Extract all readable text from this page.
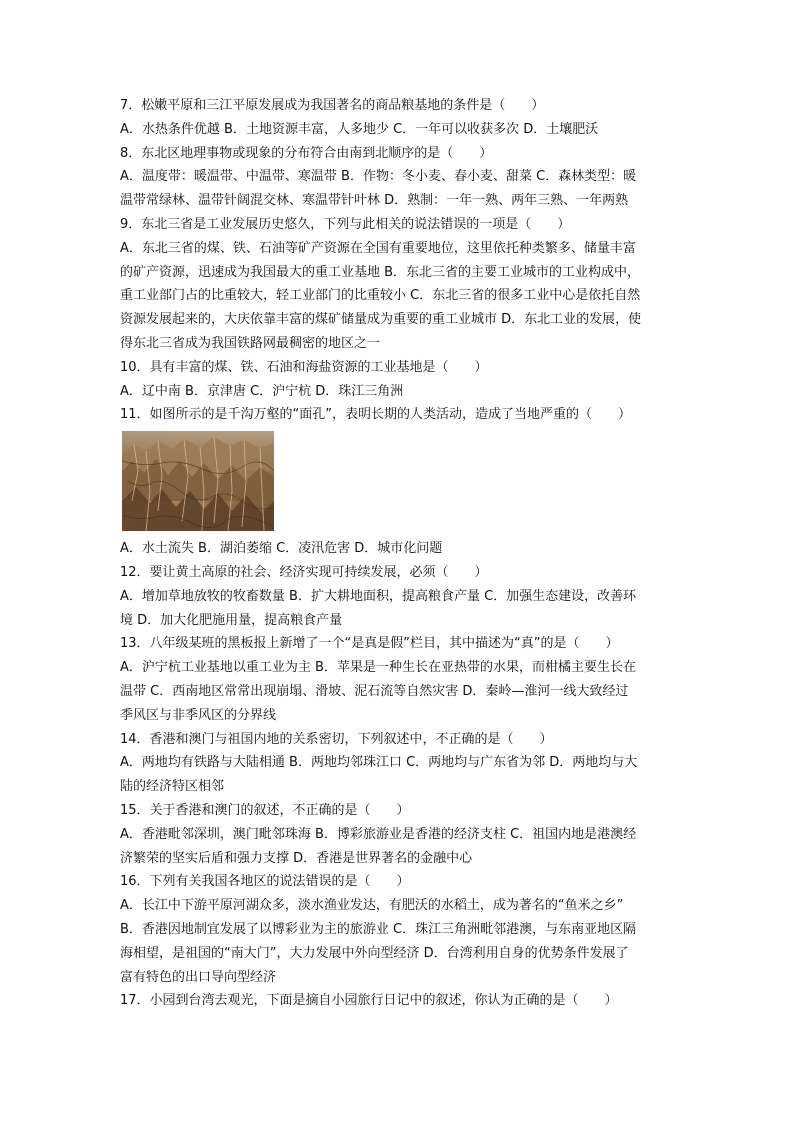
7．松嫩平原和三江平原发展成为我国著名的商品粮基地的条件是（　　）
A．水热条件优越 B．土地资源丰富，人多地少 C．一年可以收获多次 D．土壤肥沃
8．东北区地理事物或现象的分布符合由南到北顺序的是（　　）
A．温度带：暖温带、中温带、寒温带 B．作物：冬小麦、春小麦、甜菜 C．森林类型：暖
温带常绿林、温带针阔混交林、寒温带针叶林 D．熟制：一年一熟、两年三熟、一年两熟
9．东北三省是工业发展历史悠久，下列与此相关的说法错误的一项是（　　）
A．东北三省的煤、铁、石油等矿产资源在全国有重要地位，这里依托种类繁多、储量丰富
的矿产资源，迅速成为我国最大的重工业基地 B．东北三省的主要工业城市的工业构成中，
重工业部门占的比重较大，轻工业部门的比重较小 C．东北三省的很多工业中心是依托自然
资源发展起来的，大庆依靠丰富的煤矿储量成为重要的重工业城市 D．东北工业的发展，使
得东北三省成为我国铁路网最稠密的地区之一
10．具有丰富的煤、铁、石油和海盐资源的工业基地是（　　）
A．辽中南 B．京津唐 C．沪宁杭 D．珠江三角洲
11．如图所示的是千沟万壑的“面孔”，表明长期的人类活动，造成了当地严重的（　　）
A．水土流失 B．湖泊萎缩 C．凌汛危害 D．城市化问题
12．要让黄土高原的社会、经济实现可持续发展，必须（　　）
A．增加草地放牧的牧畜数量 B．扩大耕地面积，提高粮食产量 C．加强生态建设，改善环
境 D．加大化肥施用量，提高粮食产量
13．八年级某班的黑板报上新增了一个“是真是假”栏目，其中描述为“真”的是（　　）
A．沪宁杭工业基地以重工业为主 B．苹果是一种生长在亚热带的水果，而柑橘主要生长在
温带 C．西南地区常常出现崩塌、滑坡、泥石流等自然灾害 D．秦岭—淮河一线大致经过
季风区与非季风区的分界线
14．香港和澳门与祖国内地的关系密切，下列叙述中，不正确的是（　　）
A．两地均有铁路与大陆相通 B．两地均邻珠江口 C．两地均与广东省为邻 D．两地均与大
陆的经济特区相邻
15．关于香港和澳门的叙述，不正确的是（　　）
A．香港毗邻深圳，澳门毗邻珠海 B．博彩旅游业是香港的经济支柱 C．祖国内地是港澳经
济繁荣的坚实后盾和强力支撑 D．香港是世界著名的金融中心
16．下列有关我国各地区的说法错误的是（　　）
A．长江中下游平原河湖众多，淡水渔业发达，有肥沃的水稻土，成为著名的“鱼米之乡”
B．香港因地制宜发展了以博彩业为主的旅游业 C．珠江三角洲毗邻港澳，与东南亚地区隔
海相望，是祖国的“南大门”，大力发展中外向型经济 D．台湾利用自身的优势条件发展了
富有特色的出口导向型经济
17．小园到台湾去观光，下面是摘自小园旅行日记中的叙述，你认为正确的是（　　）
